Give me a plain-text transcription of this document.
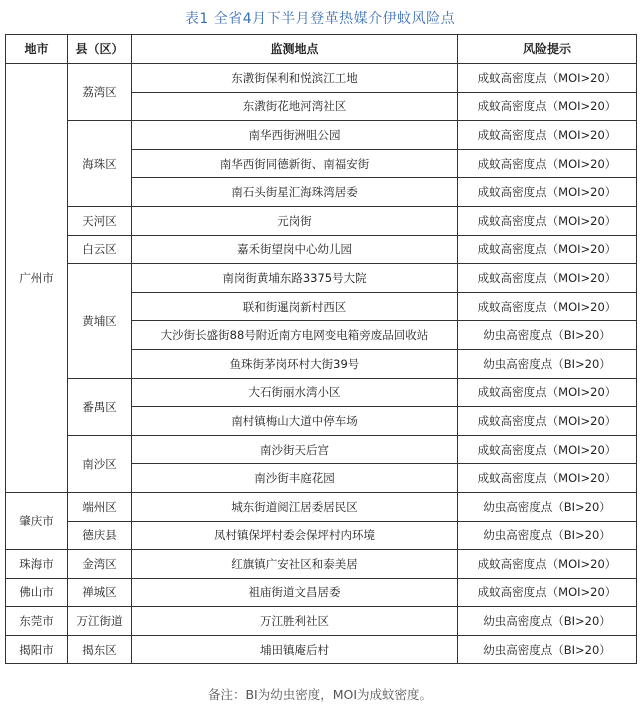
表1 全省4月下半月登革热媒介伊蚊风险点
地市	县（区）	监测地点	风险提示
广州市	荔湾区	东漖街保利和悦滨江工地	成蚊高密度点（MOI>20）
		东漖街花地河湾社区	成蚊高密度点（MOI>20）
	海珠区	南华西街洲咀公园	成蚊高密度点（MOI>20）
		南华西街同德新街、南福安街	成蚊高密度点（MOI>20）
		南石头街星汇海珠湾居委	成蚊高密度点（MOI>20）
	天河区	元岗街	成蚊高密度点（MOI>20）
	白云区	嘉禾街望岗中心幼儿园	成蚊高密度点（MOI>20）
	黄埔区	南岗街黄埔东路3375号大院	成蚊高密度点（MOI>20）
		联和街暹岗新村西区	成蚊高密度点（MOI>20）
		大沙街长盛街88号附近南方电网变电箱旁废品回收站	幼虫高密度点（BI>20）
		鱼珠街茅岗环村大街39号	幼虫高密度点（BI>20）
	番禺区	大石街丽水湾小区	成蚊高密度点（MOI>20）
		南村镇梅山大道中停车场	成蚊高密度点（MOI>20）
	南沙区	南沙街天后宫	成蚊高密度点（MOI>20）
		南沙街丰庭花园	成蚊高密度点（MOI>20）
肇庆市	端州区	城东街道阅江居委居民区	幼虫高密度点（BI>20）
	德庆县	凤村镇保坪村委会保坪村内环境	幼虫高密度点（BI>20）
珠海市	金湾区	红旗镇广安社区和泰美居	成蚊高密度点（MOI>20）
佛山市	禅城区	祖庙街道文昌居委	成蚊高密度点（MOI>20）
东莞市	万江街道	万江胜利社区	幼虫高密度点（BI>20）
揭阳市	揭东区	埔田镇庵后村	幼虫高密度点（BI>20）
备注：BI为幼虫密度，MOI为成蚊密度。
